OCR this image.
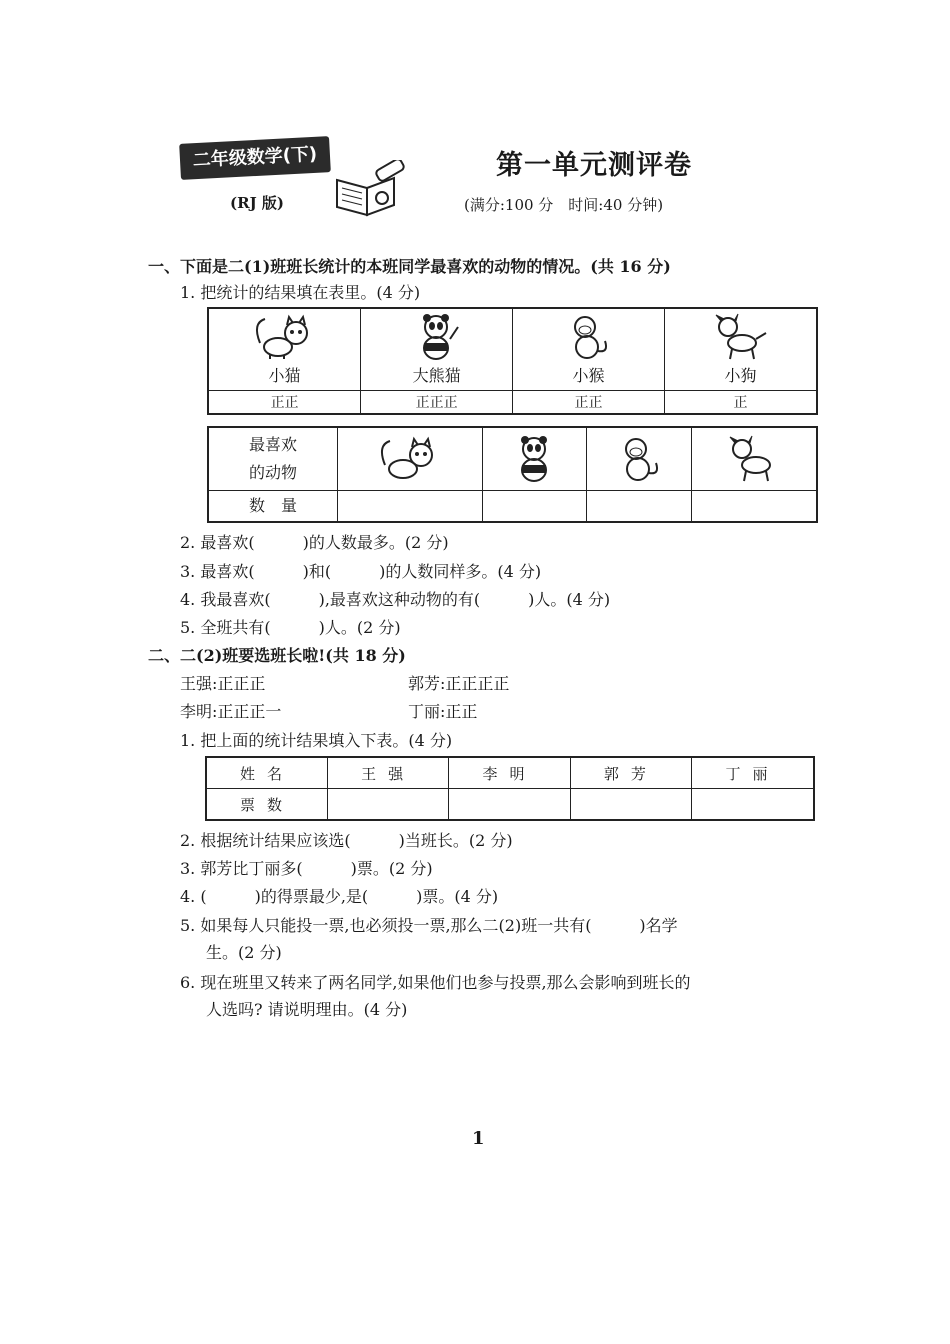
二年级数学(下)
(RJ 版)
第一单元测评卷
(满分:100 分　时间:40 分钟)
一、下面是二(1)班班长统计的本班同学最喜欢的动物的情况。(共 16 分)
1. 把统计的结果填在表里。(4 分)
小猫	大熊猫	小猴	小狗

正正	正正正	正正	正
最喜欢
的动物

数　量				
2. 最喜欢(　　　)的人数最多。(2 分)
3. 最喜欢(　　　)和(　　　)的人数同样多。(4 分)
4. 我最喜欢(　　　),最喜欢这种动物的有(　　　)人。(4 分)
5. 全班共有(　　　)人。(2 分)
二、二(2)班要选班长啦!(共 18 分)
王强:正正正	郭芳:正正正正
李明:正正正一	丁丽:正正
1. 把上面的统计结果填入下表。(4 分)
姓名	王强	李明	郭芳	丁丽
票数				
2. 根据统计结果应该选(　　　)当班长。(2 分)
3. 郭芳比丁丽多(　　　)票。(2 分)
4. (　　　)的得票最少,是(　　　)票。(4 分)
5. 如果每人只能投一票,也必须投一票,那么二(2)班一共有(　　　)名学
生。(2 分)
6. 现在班里又转来了两名同学,如果他们也参与投票,那么会影响到班长的
人选吗? 请说明理由。(4 分)
1
